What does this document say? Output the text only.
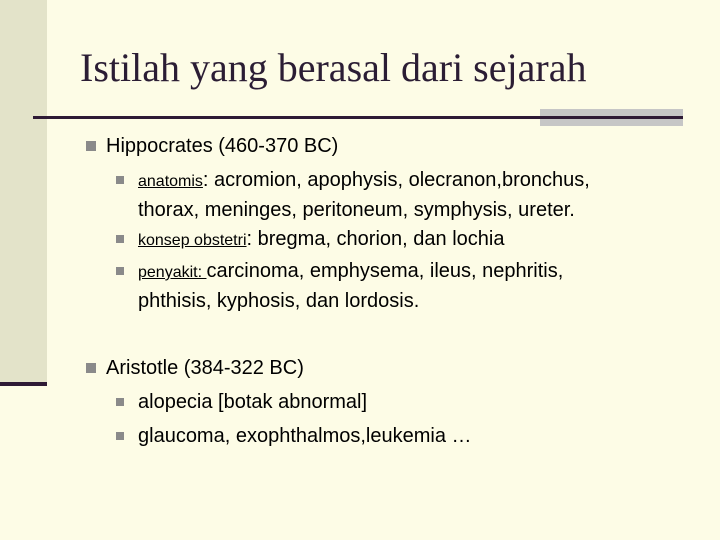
Istilah yang berasal dari sejarah
Hippocrates (460-370 BC)
anatomis: acromion, apophysis, olecranon,bronchus,
thorax, meninges, peritoneum, symphysis, ureter.
konsep obstetri: bregma, chorion, dan lochia
penyakit: carcinoma, emphysema, ileus, nephritis,
phthisis, kyphosis, dan lordosis.
Aristotle (384-322 BC)
alopecia [botak abnormal]
glaucoma, exophthalmos,leukemia …
